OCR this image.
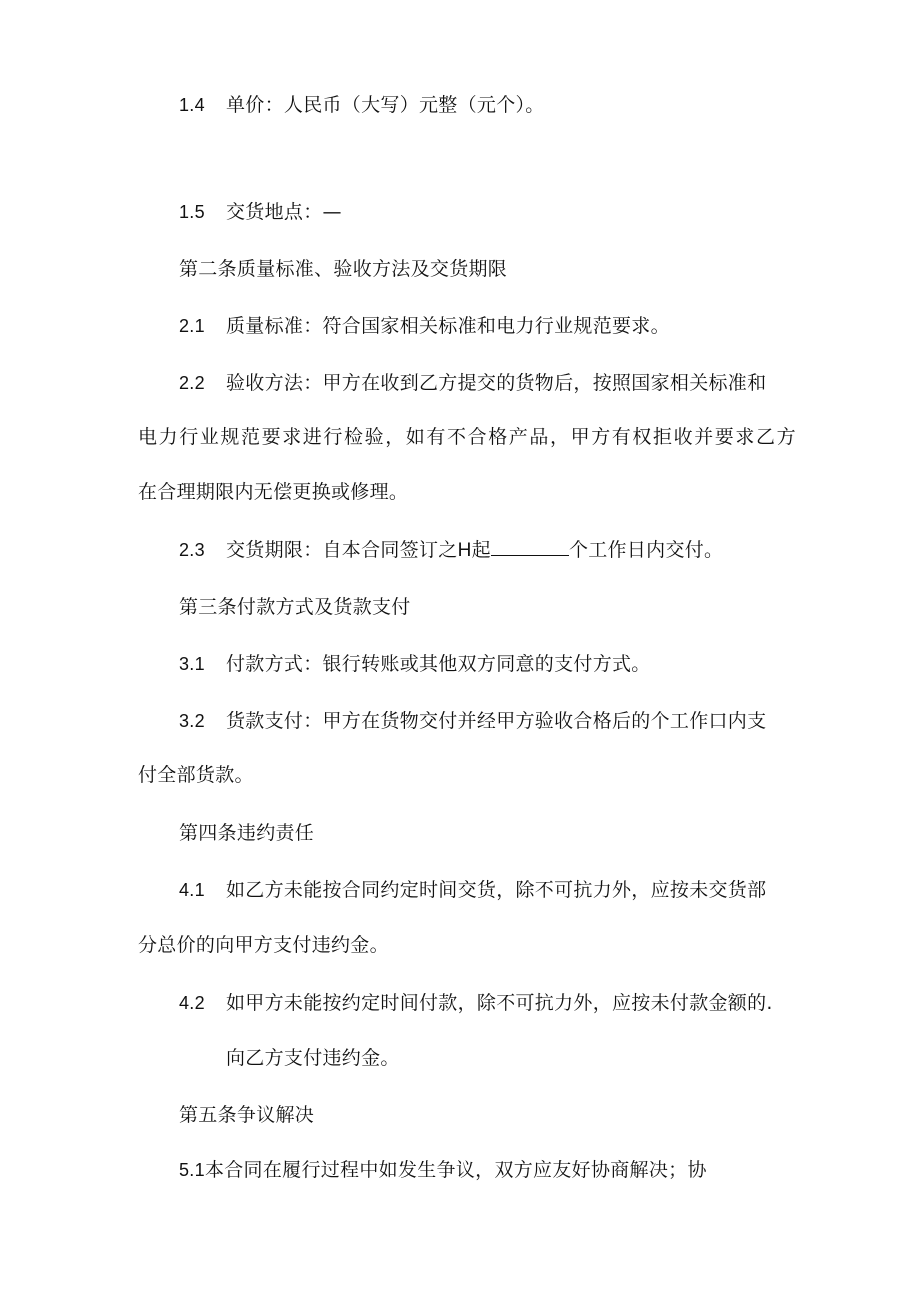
1.4 单价：人民币（大写）元整（元个）。
1.5 交货地点：—
第二条质量标准、验收方法及交货期限
2.1 质量标准：符合国家相关标准和电力行业规范要求。
2.2 验收方法：甲方在收到乙方提交的货物后，按照国家相关标准和
电力行业规范要求进行检验，如有不合格产品，甲方有权拒收并要求乙方
在合理期限内无偿更换或修理。
2.3 交货期限：自本合同签订之H起	个工作日内交付。
第三条付款方式及货款支付
3.1 付款方式：银行转账或其他双方同意的支付方式。
3.2 货款支付：甲方在货物交付并经甲方验收合格后的个工作口内支
付全部货款。
第四条违约责任
4.1 如乙方未能按合同约定时间交货，除不可抗力外，应按未交货部
分总价的向甲方支付违约金。
4.2 如甲方未能按约定时间付款，除不可抗力外，应按未付款金额的.
向乙方支付违约金。
第五条争议解决
5.1本合同在履行过程中如发生争议，双方应友好协商解决；协
